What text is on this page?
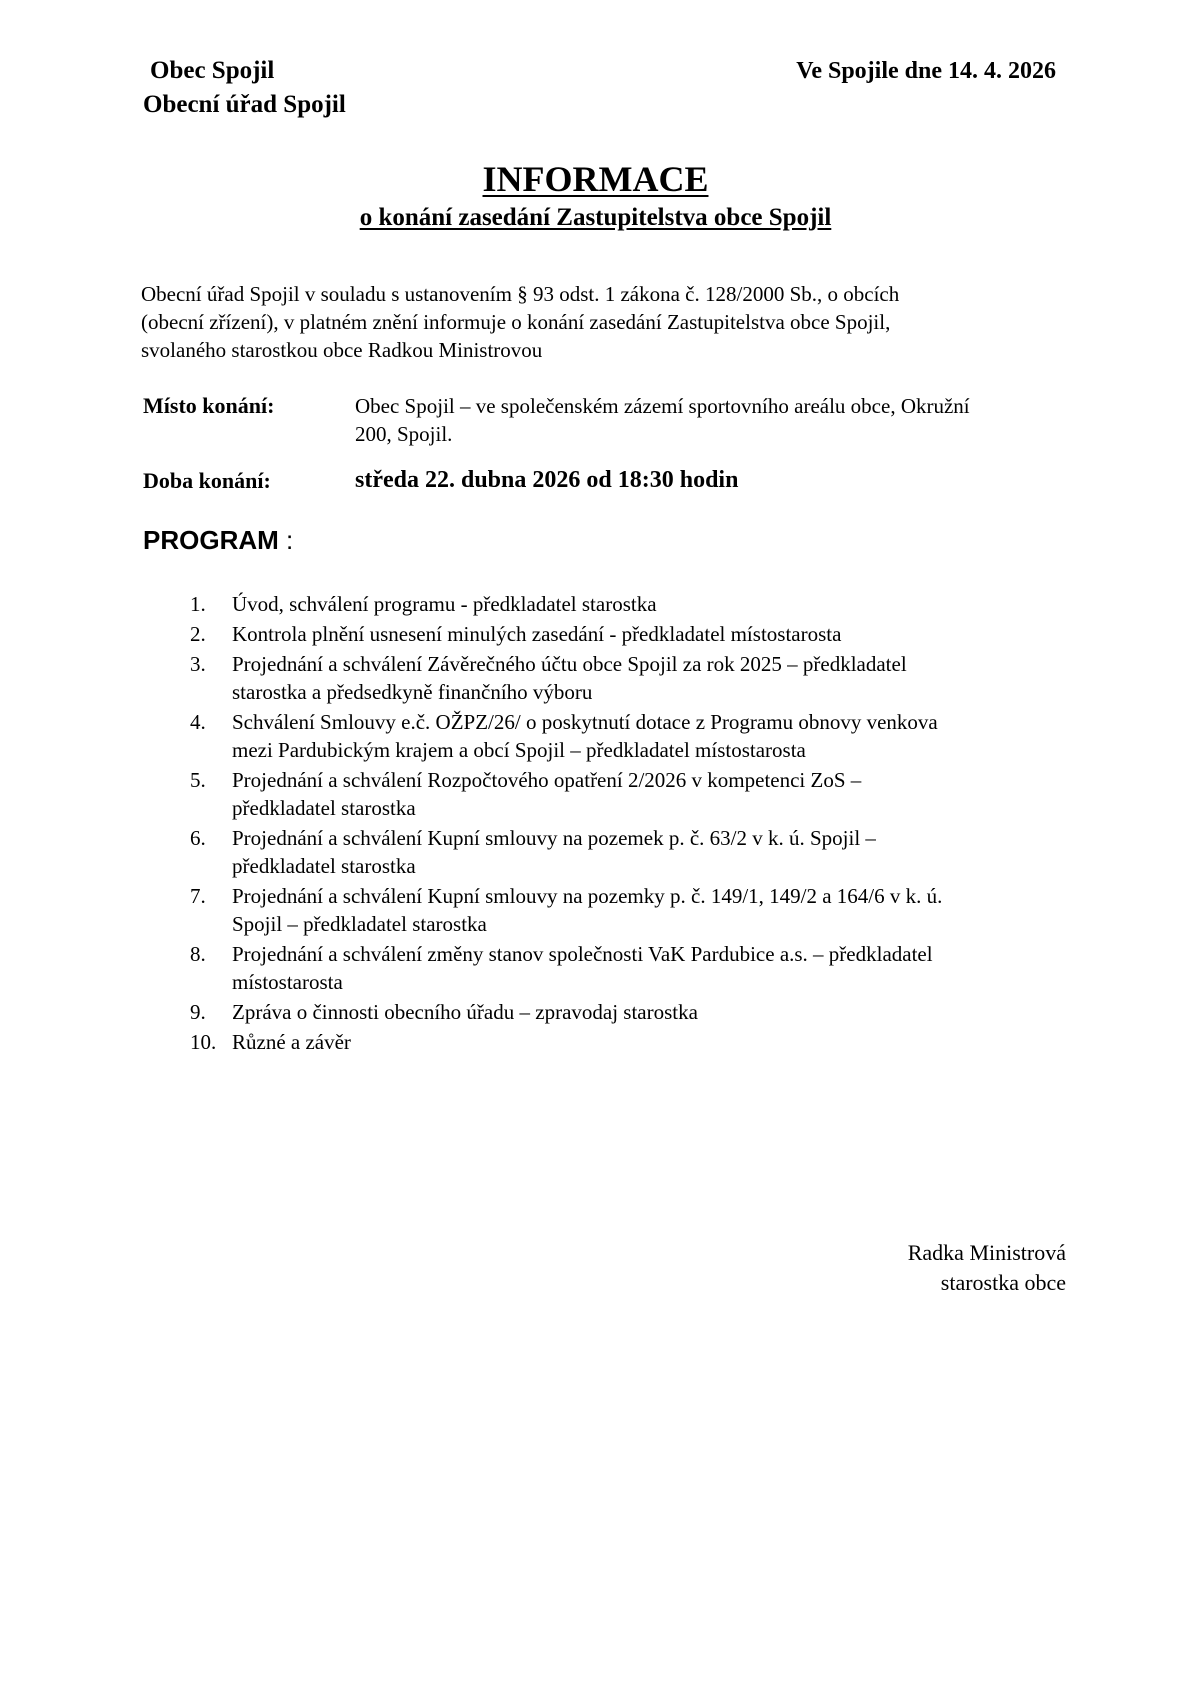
Obec Spojil
Obecní úřad Spojil
Ve Spojile dne 14. 4. 2026
INFORMACE
o konání zasedání Zastupitelstva obce Spojil
Obecní úřad Spojil v souladu s ustanovením § 93 odst. 1 zákona č. 128/2000 Sb., o obcích
(obecní zřízení), v platném znění informuje o konání zasedání Zastupitelstva obce Spojil,
svolaného starostkou obce Radkou Ministrovou
Místo konání:	Obec Spojil – ve společenském zázemí sportovního areálu obce, Okružní
200, Spojil.
Doba konání:	středa 22. dubna 2026 od 18:30 hodin
PROGRAM :
1.	Úvod, schválení programu - předkladatel starostka
2.	Kontrola plnění usnesení minulých zasedání - předkladatel místostarosta
3.	Projednání a schválení Závěrečného účtu obce Spojil za rok 2025 – předkladatel
starostka a předsedkyně finančního výboru
4.	Schválení Smlouvy e.č. OŽPZ/26/ o poskytnutí dotace z Programu obnovy venkova
mezi Pardubickým krajem a obcí Spojil – předkladatel místostarosta
5.	Projednání a schválení Rozpočtového opatření 2/2026 v kompetenci ZoS –
předkladatel starostka
6.	Projednání a schválení Kupní smlouvy na pozemek p. č. 63/2 v k. ú. Spojil –
předkladatel starostka
7.	Projednání a schválení Kupní smlouvy na pozemky p. č. 149/1, 149/2 a 164/6 v k. ú.
Spojil – předkladatel starostka
8.	Projednání a schválení změny stanov společnosti VaK Pardubice a.s. – předkladatel
místostarosta
9.	Zpráva o činnosti obecního úřadu – zpravodaj starostka
10. Různé a závěr
Radka Ministrová
starostka obce
